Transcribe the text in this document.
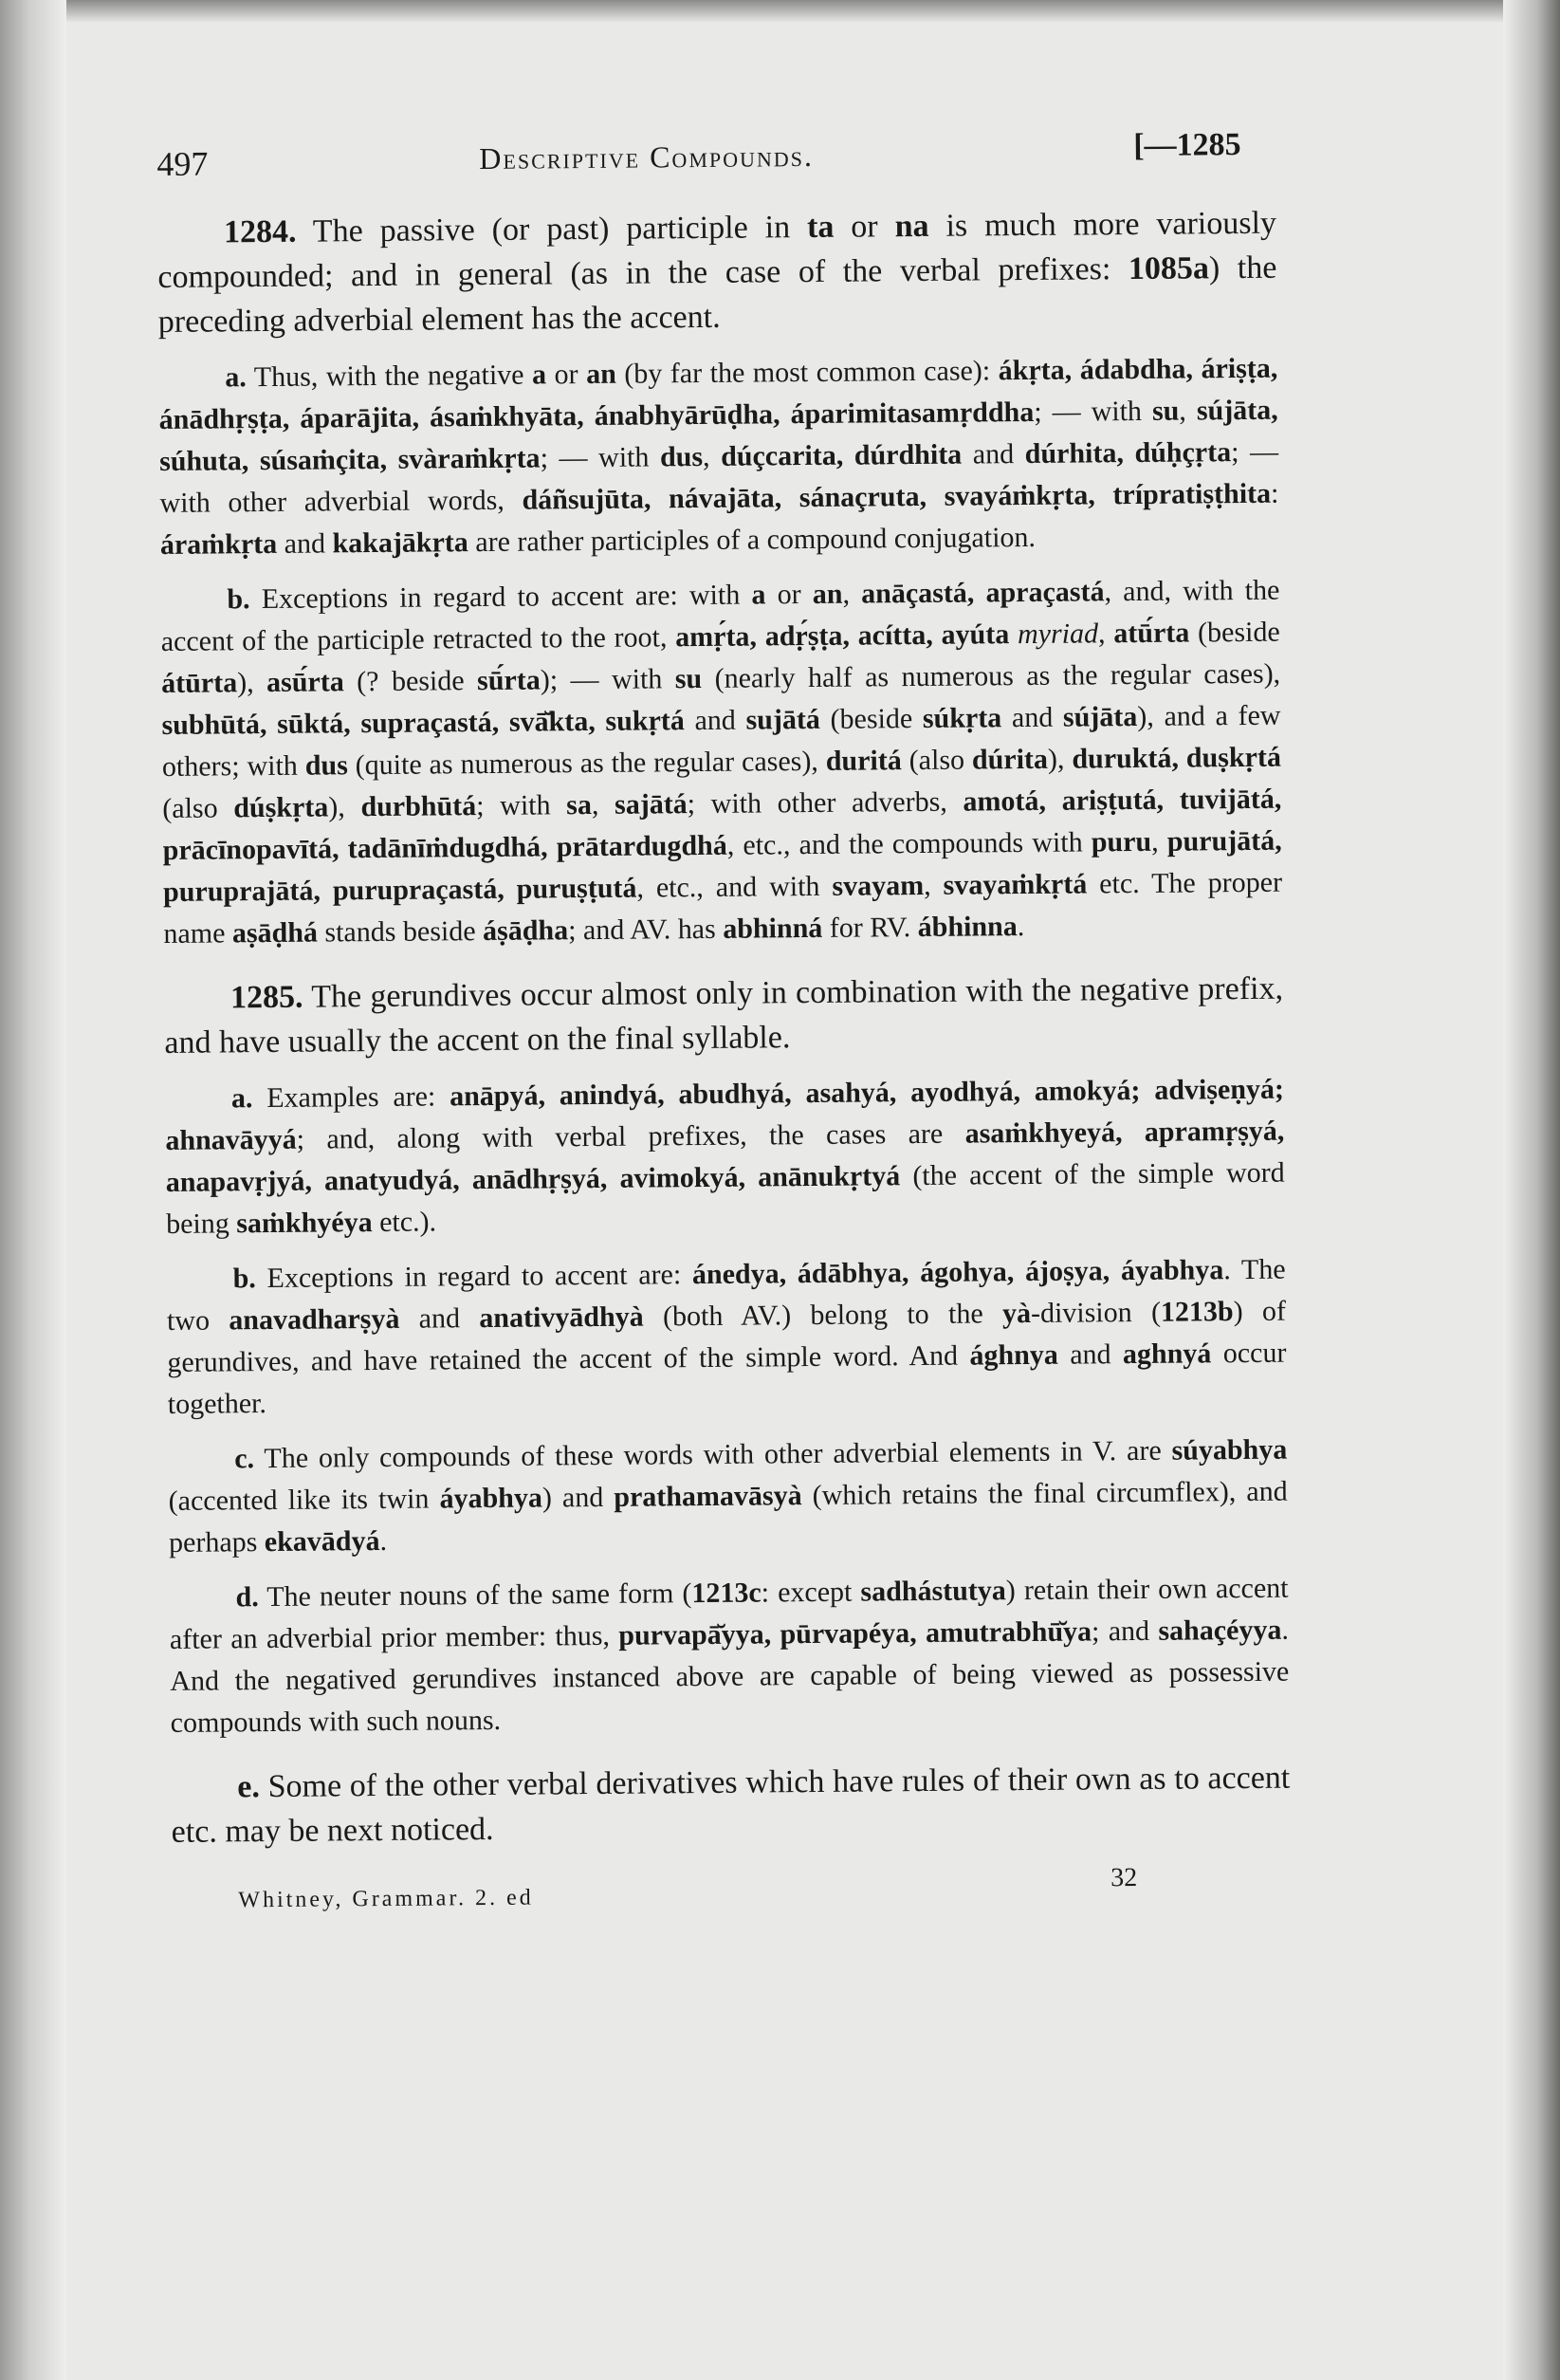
497	Descriptive Compounds.	[—1285

1284. The passive (or past) participle in ta or na is much more variously compounded; and in general (as in the case of the verbal prefixes: 1085a) the preceding adverbial element has the accent.

a. Thus, with the negative a or an (by far the most common case): ákṛta, ádabdha, áriṣṭa, ánādhṛṣṭa, áparājita, ásaṁkhyāta, ánabhyārūḍha, áparimitasamṛddha; — with su, sújāta, súhuta, súsaṁçita, svàraṁkṛta; — with dus, dúçcarita, dúrdhita and dúrhita, dúḥçṛta; — with other adverbial words, dáñsujūta, návajāta, sánaçruta, svayáṁkṛta, trípratiṣṭhita: áraṁkṛta and kakajākṛta are rather participles of a compound conjugation.

b. Exceptions in regard to accent are: with a or an, anāçastá, apraçastá, and, with the accent of the participle retracted to the root, amṛ́ta, adṛ́ṣṭa, acítta, ayúta myriad, atū́rta (beside átūrta), asū́rta (? beside sū́rta); — with su (nearly half as numerous as the regular cases), subhūtá, sūktá, supraçastá, svā̆kta, sukṛtá and sujātá (beside súkṛta and sújāta), and a few others; with dus (quite as numerous as the regular cases), duritá (also dúrita), duruktá, duṣkṛtá (also dúṣkṛta), durbhūtá; with sa, sajātá; with other adverbs, amotá, ariṣṭutá, tuvijātá, prācīnopavītá, tadānīṁdugdhá, prātardugdhá, etc., and the compounds with puru, purujātá, puruprajātá, purupraçastá, puruṣṭutá, etc., and with svayam, svayaṁkṛtá etc. The proper name aṣāḍhá stands beside áṣāḍha; and AV. has abhinná for RV. ábhinna.

1285. The gerundives occur almost only in combination with the negative prefix, and have usually the accent on the final syllable.

a. Examples are: anāpyá, anindyá, abudhyá, asahyá, ayodhyá, amokyá; adviṣeṇyá; ahnavāyyá; and, along with verbal prefixes, the cases are asaṁkhyeyá, apramṛṣyá, anapavṛjyá, anatyudyá, anādhṛṣyá, avimokyá, anānukṛtyá (the accent of the simple word being saṁkhyéya etc.).

b. Exceptions in regard to accent are: ánedya, ádābhya, ágohya, ájoṣya, áyabhya. The two anavadharṣyà and anativyādhyà (both AV.) belong to the yà-division (1213b) of gerundives, and have retained the accent of the simple word. And ághnya and aghnyá occur together.

c. The only compounds of these words with other adverbial elements in V. are súyabhya (accented like its twin áyabhya) and prathamavāsyà (which retains the final circumflex), and perhaps ekavādyá.

d. The neuter nouns of the same form (1213c: except sadhástutya) retain their own accent after an adverbial prior member: thus, purvapā̆yya, pūrvapéya, amutrabhū̆ya; and sahaçéyya. And the negatived gerundives instanced above are capable of being viewed as possessive compounds with such nouns.

e. Some of the other verbal derivatives which have rules of their own as to accent etc. may be next noticed.

Whitney, Grammar. 2. ed
32
